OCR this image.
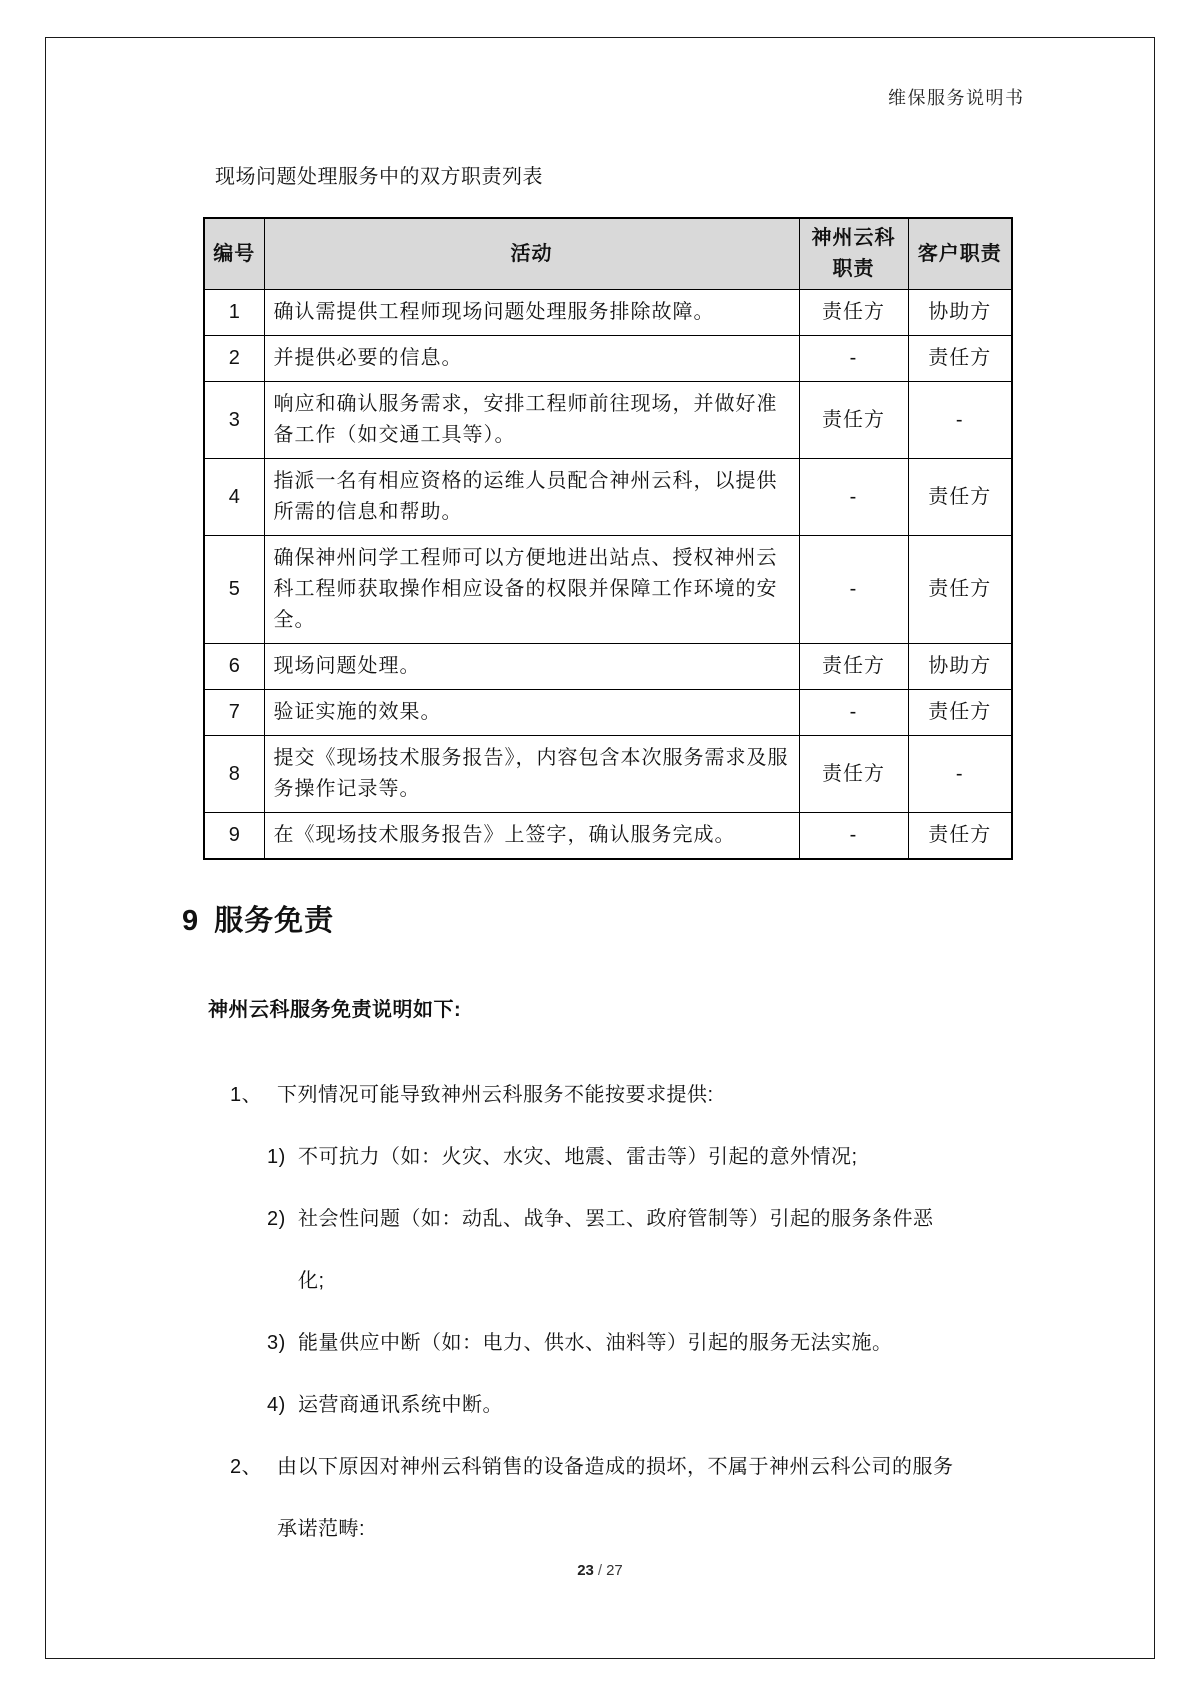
维保服务说明书
现场问题处理服务中的双方职责列表
编号	活动	神州云科职责	客户职责
1	确认需提供工程师现场问题处理服务排除故障。	责任方	协助方
2	并提供必要的信息。	-	责任方
3	响应和确认服务需求，安排工程师前往现场，并做好准备工作（如交通工具等）。	责任方	-
4	指派一名有相应资格的运维人员配合神州云科，以提供所需的信息和帮助。	-	责任方
5	确保神州问学工程师可以方便地进出站点、授权神州云科工程师获取操作相应设备的权限并保障工作环境的安全。	-	责任方
6	现场问题处理。	责任方	协助方
7	验证实施的效果。	-	责任方
8	提交《现场技术服务报告》，内容包含本次服务需求及服务操作记录等。	责任方	-
9	在《现场技术服务报告》上签字，确认服务完成。	-	责任方
9 服务免责
神州云科服务免责说明如下:
1、 下列情况可能导致神州云科服务不能按要求提供:
1) 不可抗力（如：火灾、水灾、地震、雷击等）引起的意外情况;
2) 社会性问题（如：动乱、战争、罢工、政府管制等）引起的服务条件恶化;
3) 能量供应中断（如：电力、供水、油料等）引起的服务无法实施。
4) 运营商通讯系统中断。
2、 由以下原因对神州云科销售的设备造成的损坏，不属于神州云科公司的服务承诺范畴:
23 / 27
